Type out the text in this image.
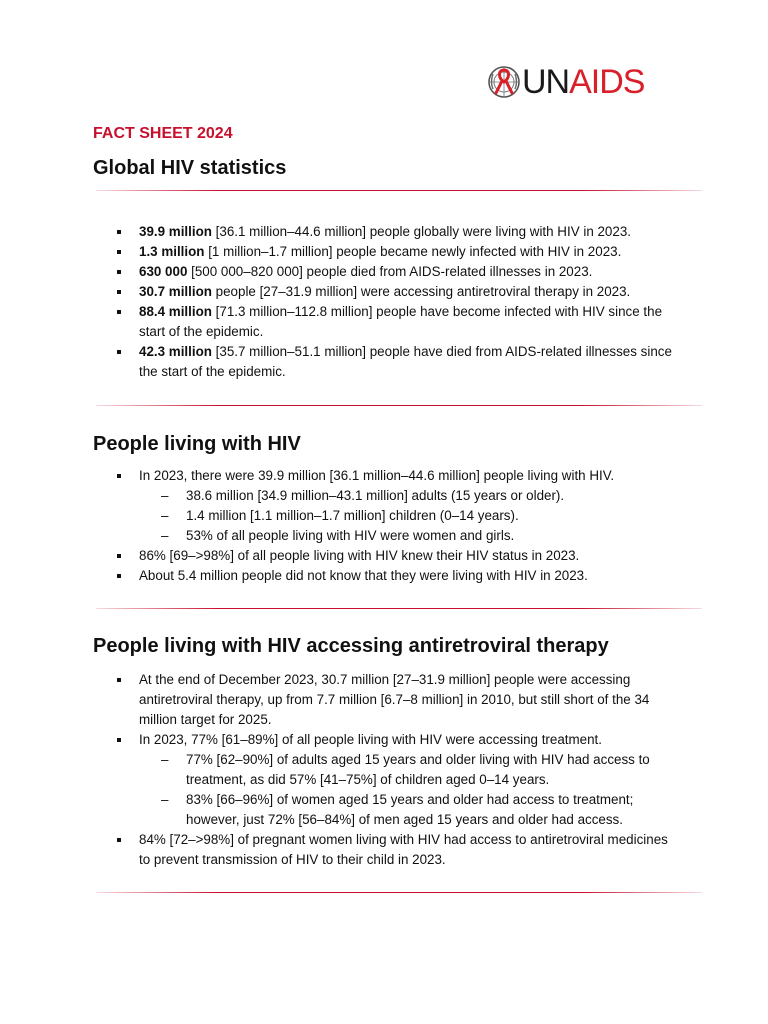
UNAIDS
FACT SHEET 2024
Global HIV statistics
39.9 million [36.1 million–44.6 million] people globally were living with HIV in 2023.
1.3 million [1 million–1.7 million] people became newly infected with HIV in 2023.
630 000 [500 000–820 000] people died from AIDS-related illnesses in 2023.
30.7 million people [27–31.9 million] were accessing antiretroviral therapy in 2023.
88.4 million [71.3 million–112.8 million] people have become infected with HIV since the start of the epidemic.
42.3 million [35.7 million–51.1 million] people have died from AIDS-related illnesses since the start of the epidemic.
People living with HIV
In 2023, there were 39.9 million [36.1 million–44.6 million] people living with HIV.
– 38.6 million [34.9 million–43.1 million] adults (15 years or older).
– 1.4 million [1.1 million–1.7 million] children (0–14 years).
– 53% of all people living with HIV were women and girls.
86% [69–>98%] of all people living with HIV knew their HIV status in 2023.
About 5.4 million people did not know that they were living with HIV in 2023.
People living with HIV accessing antiretroviral therapy
At the end of December 2023, 30.7 million [27–31.9 million] people were accessing antiretroviral therapy, up from 7.7 million [6.7–8 million] in 2010, but still short of the 34 million target for 2025.
In 2023, 77% [61–89%] of all people living with HIV were accessing treatment.
– 77% [62–90%] of adults aged 15 years and older living with HIV had access to treatment, as did 57% [41–75%] of children aged 0–14 years.
– 83% [66–96%] of women aged 15 years and older had access to treatment; however, just 72% [56–84%] of men aged 15 years and older had access.
84% [72–>98%] of pregnant women living with HIV had access to antiretroviral medicines to prevent transmission of HIV to their child in 2023.
